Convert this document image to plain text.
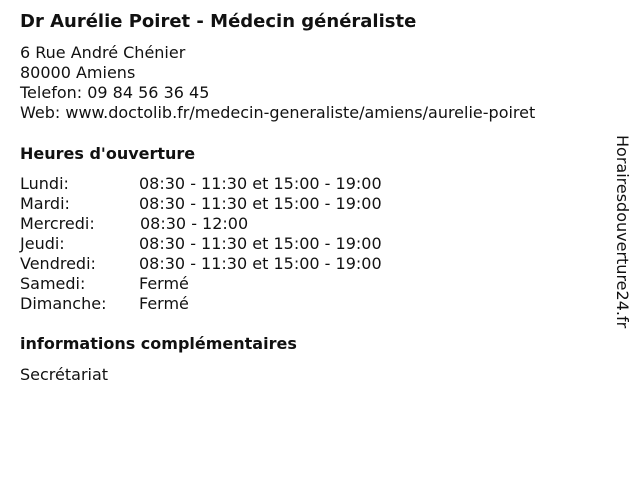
Dr Aurélie Poiret - Médecin généraliste
6 Rue André Chénier
80000 Amiens
Telefon: 09 84 56 36 45
Web: www.doctolib.fr/medecin-generaliste/amiens/aurelie-poiret
Heures d'ouverture
Lundi:	08:30 - 11:30 et 15:00 - 19:00
Mardi:	08:30 - 11:30 et 15:00 - 19:00
Mercredi:	08:30 - 12:00
Jeudi:	08:30 - 11:30 et 15:00 - 19:00
Vendredi:	08:30 - 11:30 et 15:00 - 19:00
Samedi:	Fermé
Dimanche: Fermé
informations complémentaires
Secrétariat
Horairesdouverture24.fr
